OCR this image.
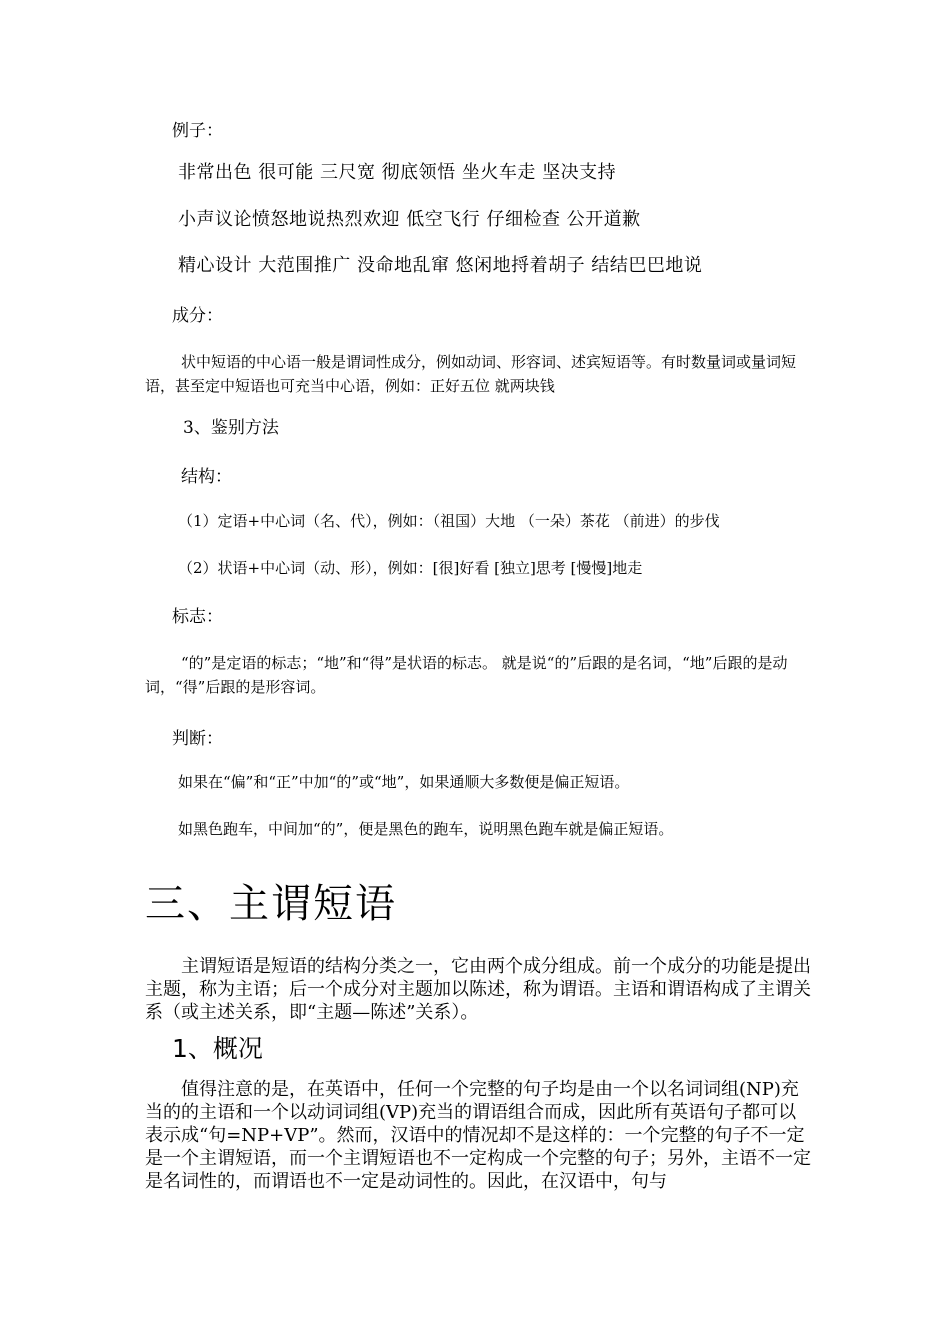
例子：
非常出色 很可能 三尺宽 彻底领悟 坐火车走 坚决支持
小声议论愤怒地说热烈欢迎 低空飞行 仔细检查 公开道歉
精心设计 大范围推广 没命地乱窜 悠闲地捋着胡子 结结巴巴地说
成分：
状中短语的中心语一般是谓词性成分，例如动词、形容词、述宾短语等。有时数量词或量词短语，甚至定中短语也可充当中心语，例如：正好五位 就两块钱
3、鉴别方法
结构：
（1）定语+中心词（名、代），例如：（祖国）大地 （一朵）茶花 （前进）的步伐
（2）状语+中心词（动、形），例如：[很]好看 [独立]思考 [慢慢]地走
标志：
“的”是定语的标志；“地”和“得”是状语的标志。 就是说“的”后跟的是名词，“地”后跟的是动词，“得”后跟的是形容词。
判断：
如果在“偏”和“正”中加“的”或“地”，如果通顺大多数便是偏正短语。
如黑色跑车，中间加“的”，便是黑色的跑车，说明黑色跑车就是偏正短语。
三、主谓短语
主谓短语是短语的结构分类之一，它由两个成分组成。前一个成分的功能是提出主题，称为主语；后一个成分对主题加以陈述，称为谓语。主语和谓语构成了主谓关系（或主述关系，即“主题—陈述”关系）。
1、概况
值得注意的是，在英语中，任何一个完整的句子均是由一个以名词词组(NP)充当的的主语和一个以动词词组(VP)充当的谓语组合而成，因此所有英语句子都可以表示成“句=NP+VP”。然而，汉语中的情况却不是这样的：一个完整的句子不一定是一个主谓短语，而一个主谓短语也不一定构成一个完整的句子；另外，主语不一定是名词性的，而谓语也不一定是动词性的。因此，在汉语中，句与
